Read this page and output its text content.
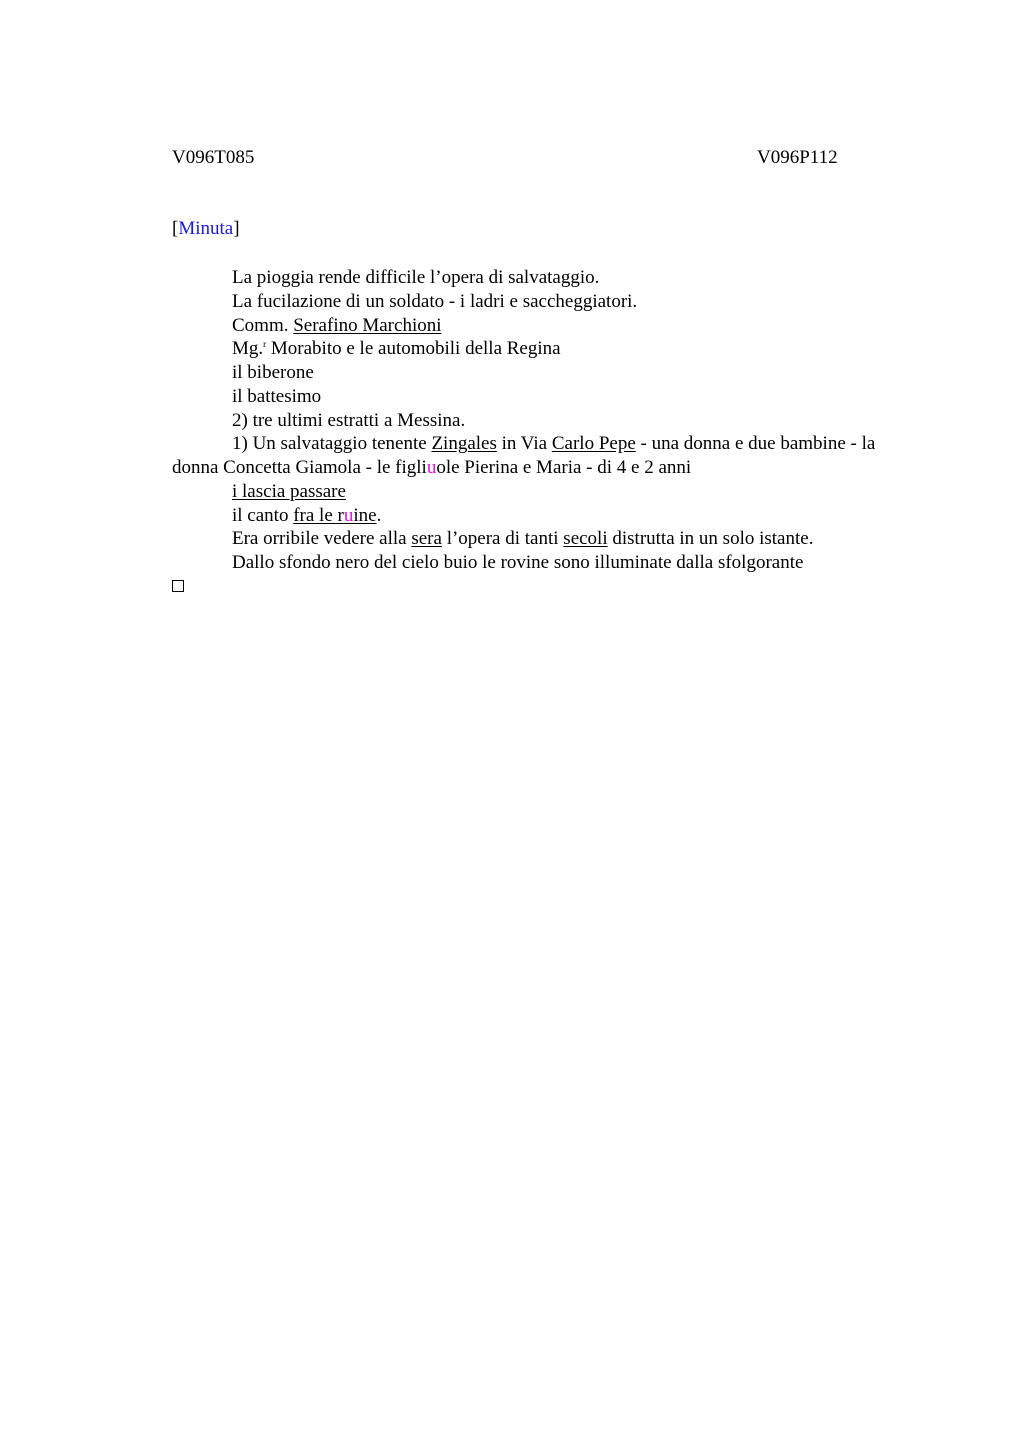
V096T085	V096P112
[Minuta]
La pioggia rende difficile l’opera di salvataggio.
La fucilazione di un soldato - i ladri e saccheggiatori.
Comm. Serafino Marchioni
Mg.$^r$ Morabito e le automobili della Regina
il biberone
il battesimo
2) tre ultimi estratti a Messina.
1) Un salvataggio tenente Zingales in Via Carlo Pepe - una donna e due bambine - la donna Concetta Giamola - le figliuole Pierina e Maria - di 4 e 2 anni
i lascia passare
il canto fra le ruine.
Era orribile vedere alla sera l’opera di tanti secoli distrutta in un solo istante.
Dallo sfondo nero del cielo buio le rovine sono illuminate dalla sfolgorante
